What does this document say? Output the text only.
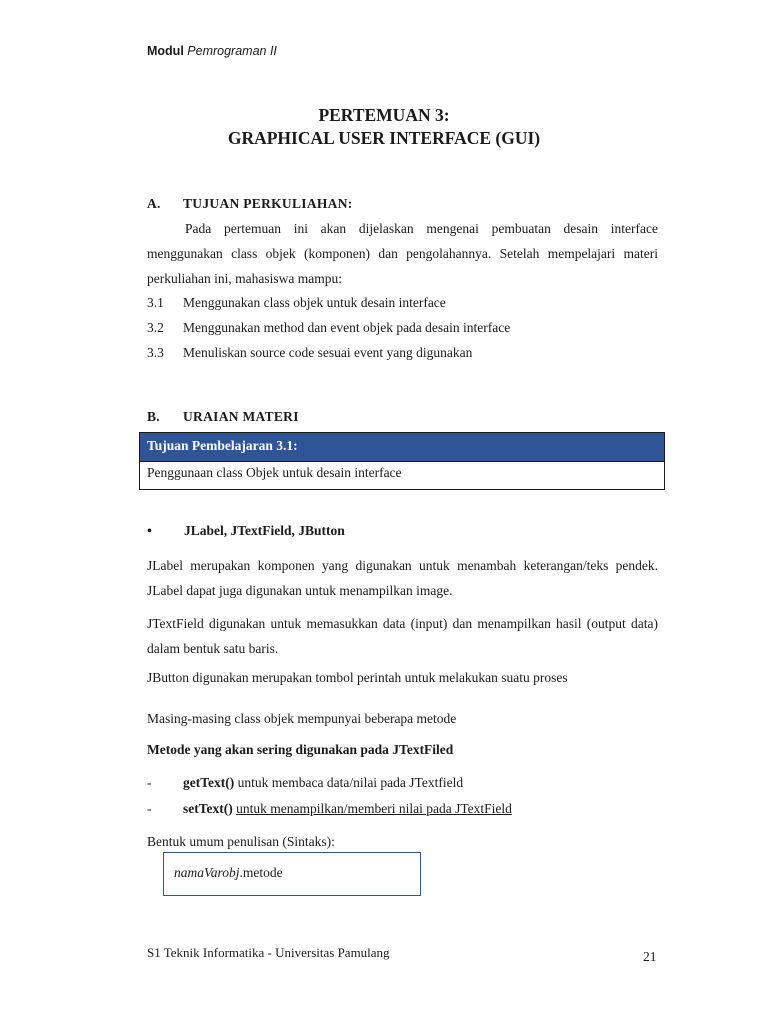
Modul Pemrograman II
PERTEMUAN 3:
GRAPHICAL USER INTERFACE (GUI)
A. TUJUAN PERKULIAHAN:
Pada pertemuan ini akan dijelaskan mengenai pembuatan desain interface menggunakan class objek (komponen) dan pengolahannya. Setelah mempelajari materi perkuliahan ini, mahasiswa mampu:
3.1 Menggunakan class objek untuk desain interface
3.2 Menggunakan method dan event objek pada desain interface
3.3 Menuliskan source code sesuai event yang digunakan
B. URAIAN MATERI
Tujuan Pembelajaran 3.1:
Penggunaan class Objek untuk desain interface
• JLabel, JTextField, JButton
JLabel merupakan komponen yang digunakan untuk menambah keterangan/teks pendek. JLabel dapat juga digunakan untuk menampilkan image.
JTextField digunakan untuk memasukkan data (input) dan menampilkan hasil (output data) dalam bentuk satu baris.
JButton digunakan merupakan tombol perintah untuk melakukan suatu proses
Masing-masing class objek mempunyai beberapa metode
Metode yang akan sering digunakan pada JTextFiled
- getText() untuk membaca data/nilai pada JTextfield
- setText() untuk menampilkan/memberi nilai pada JTextField
Bentuk umum penulisan (Sintaks):
namaVarobj.metode
S1 Teknik Informatika - Universitas Pamulang	21
